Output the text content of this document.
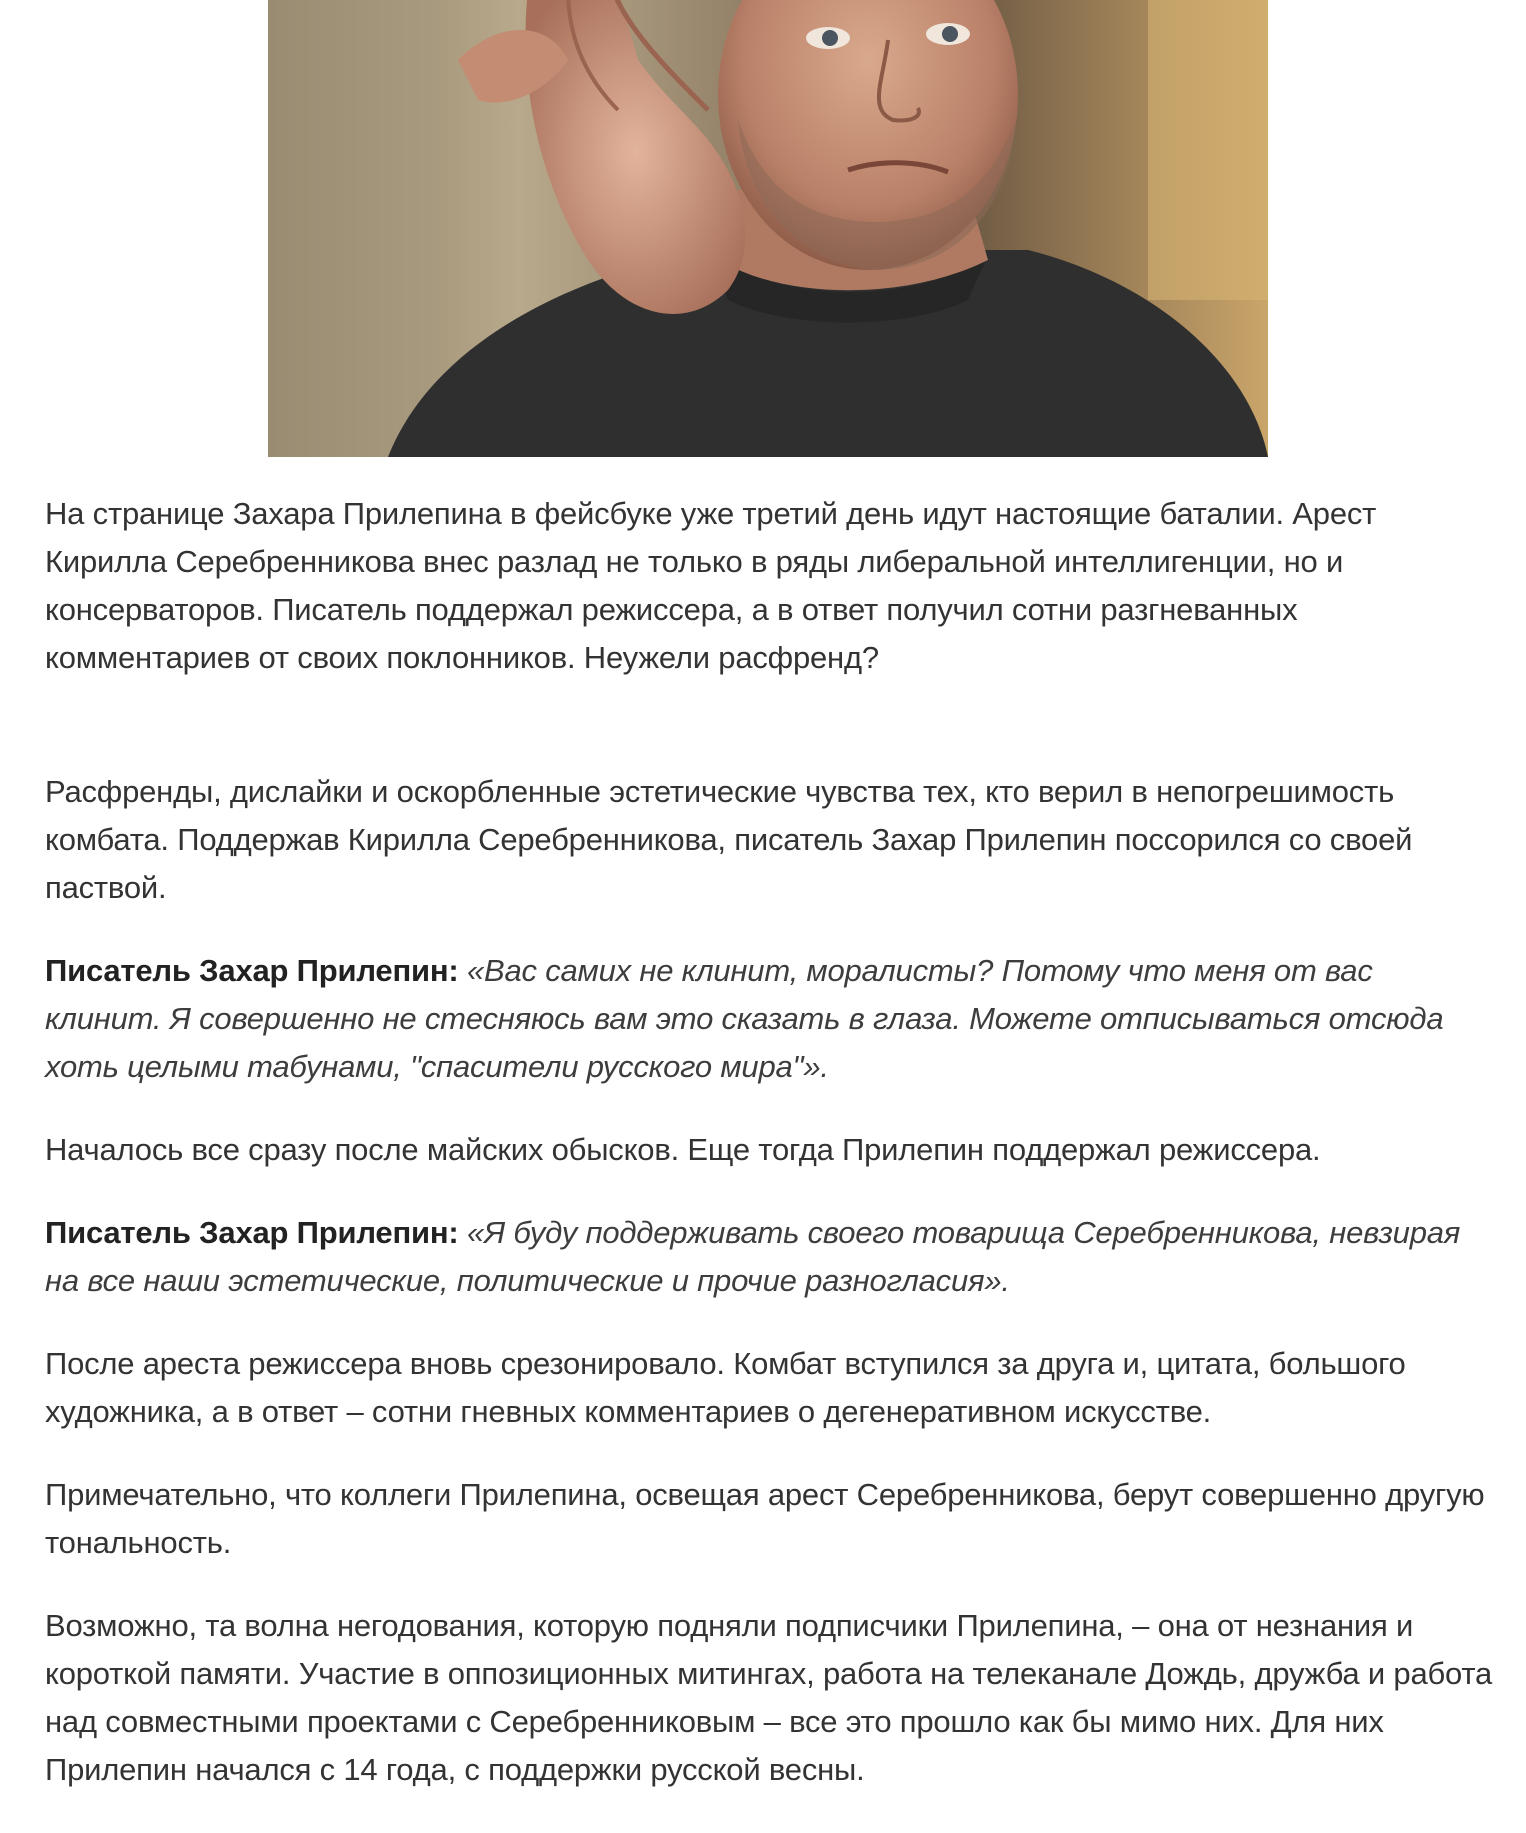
На странице Захара Прилепина в фейсбуке уже третий день идут настоящие баталии. Арест Кирилла Серебренникова внес разлад не только в ряды либеральной интеллигенции, но и консерваторов. Писатель поддержал режиссера, а в ответ получил сотни разгневанных комментариев от своих поклонников. Неужели расфренд?

Расфренды, дислайки и оскорбленные эстетические чувства тех, кто верил в непогрешимость комбата. Поддержав Кирилла Серебренникова, писатель Захар Прилепин поссорился со своей паствой.

Писатель Захар Прилепин: «Вас самих не клинит, моралисты? Потому что меня от вас клинит. Я совершенно не стесняюсь вам это сказать в глаза. Можете отписываться отсюда хоть целыми табунами, "спасители русского мира"».

Началось все сразу после майских обысков. Еще тогда Прилепин поддержал режиссера.

Писатель Захар Прилепин: «Я буду поддерживать своего товарища Серебренникова, невзирая на все наши эстетические, политические и прочие разногласия».

После ареста режиссера вновь срезонировало. Комбат вступился за друга и, цитата, большого художника, а в ответ – сотни гневных комментариев о дегенеративном искусстве.

Примечательно, что коллеги Прилепина, освещая арест Серебренникова, берут совершенно другую тональность.

Возможно, та волна негодования, которую подняли подписчики Прилепина, – она от незнания и короткой памяти. Участие в оппозиционных митингах, работа на телеканале Дождь, дружба и работа над совместными проектами с Серебренниковым – все это прошло как бы мимо них. Для них Прилепин начался с 14 года, с поддержки русской весны.
